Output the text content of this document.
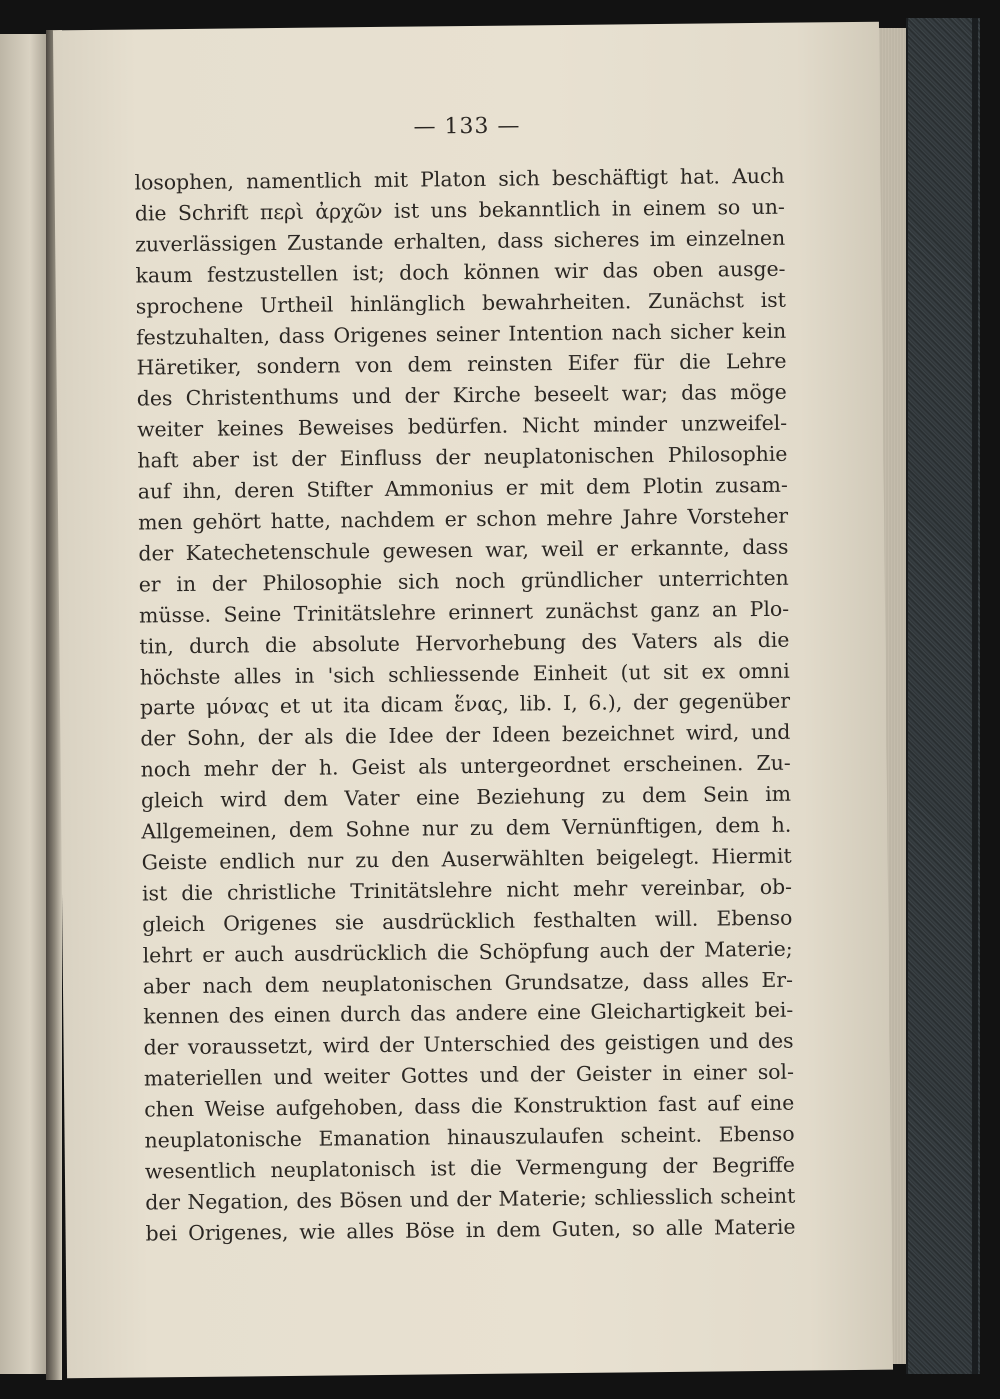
— 133 —
losophen, namentlich mit Platon sich beschäftigt hat. Auch
die Schrift περὶ ἀρχῶν ist uns bekanntlich in einem so un-
zuverlässigen Zustande erhalten, dass sicheres im einzelnen
kaum festzustellen ist; doch können wir das oben ausge-
sprochene Urtheil hinlänglich bewahrheiten. Zunächst ist
festzuhalten, dass Origenes seiner Intention nach sicher kein
Häretiker, sondern von dem reinsten Eifer für die Lehre
des Christenthums und der Kirche beseelt war; das möge
weiter keines Beweises bedürfen. Nicht minder unzweifel-
haft aber ist der Einfluss der neuplatonischen Philosophie
auf ihn, deren Stifter Ammonius er mit dem Plotin zusam-
men gehört hatte, nachdem er schon mehre Jahre Vorsteher
der Katechetenschule gewesen war, weil er erkannte, dass
er in der Philosophie sich noch gründlicher unterrichten
müsse. Seine Trinitätslehre erinnert zunächst ganz an Plo-
tin, durch die absolute Hervorhebung des Vaters als die
höchste alles in 'sich schliessende Einheit (ut sit ex omni
parte μόνας et ut ita dicam ἕνας, lib. I, 6.), der gegenüber
der Sohn, der als die Idee der Ideen bezeichnet wird, und
noch mehr der h. Geist als untergeordnet erscheinen. Zu-
gleich wird dem Vater eine Beziehung zu dem Sein im
Allgemeinen, dem Sohne nur zu dem Vernünftigen, dem h.
Geiste endlich nur zu den Auserwählten beigelegt. Hiermit
ist die christliche Trinitätslehre nicht mehr vereinbar, ob-
gleich Origenes sie ausdrücklich festhalten will. Ebenso
lehrt er auch ausdrücklich die Schöpfung auch der Materie;
aber nach dem neuplatonischen Grundsatze, dass alles Er-
kennen des einen durch das andere eine Gleichartigkeit bei-
der voraussetzt, wird der Unterschied des geistigen und des
materiellen und weiter Gottes und der Geister in einer sol-
chen Weise aufgehoben, dass die Konstruktion fast auf eine
neuplatonische Emanation hinauszulaufen scheint. Ebenso
wesentlich neuplatonisch ist die Vermengung der Begriffe
der Negation, des Bösen und der Materie; schliesslich scheint
bei Origenes, wie alles Böse in dem Guten, so alle Materie
